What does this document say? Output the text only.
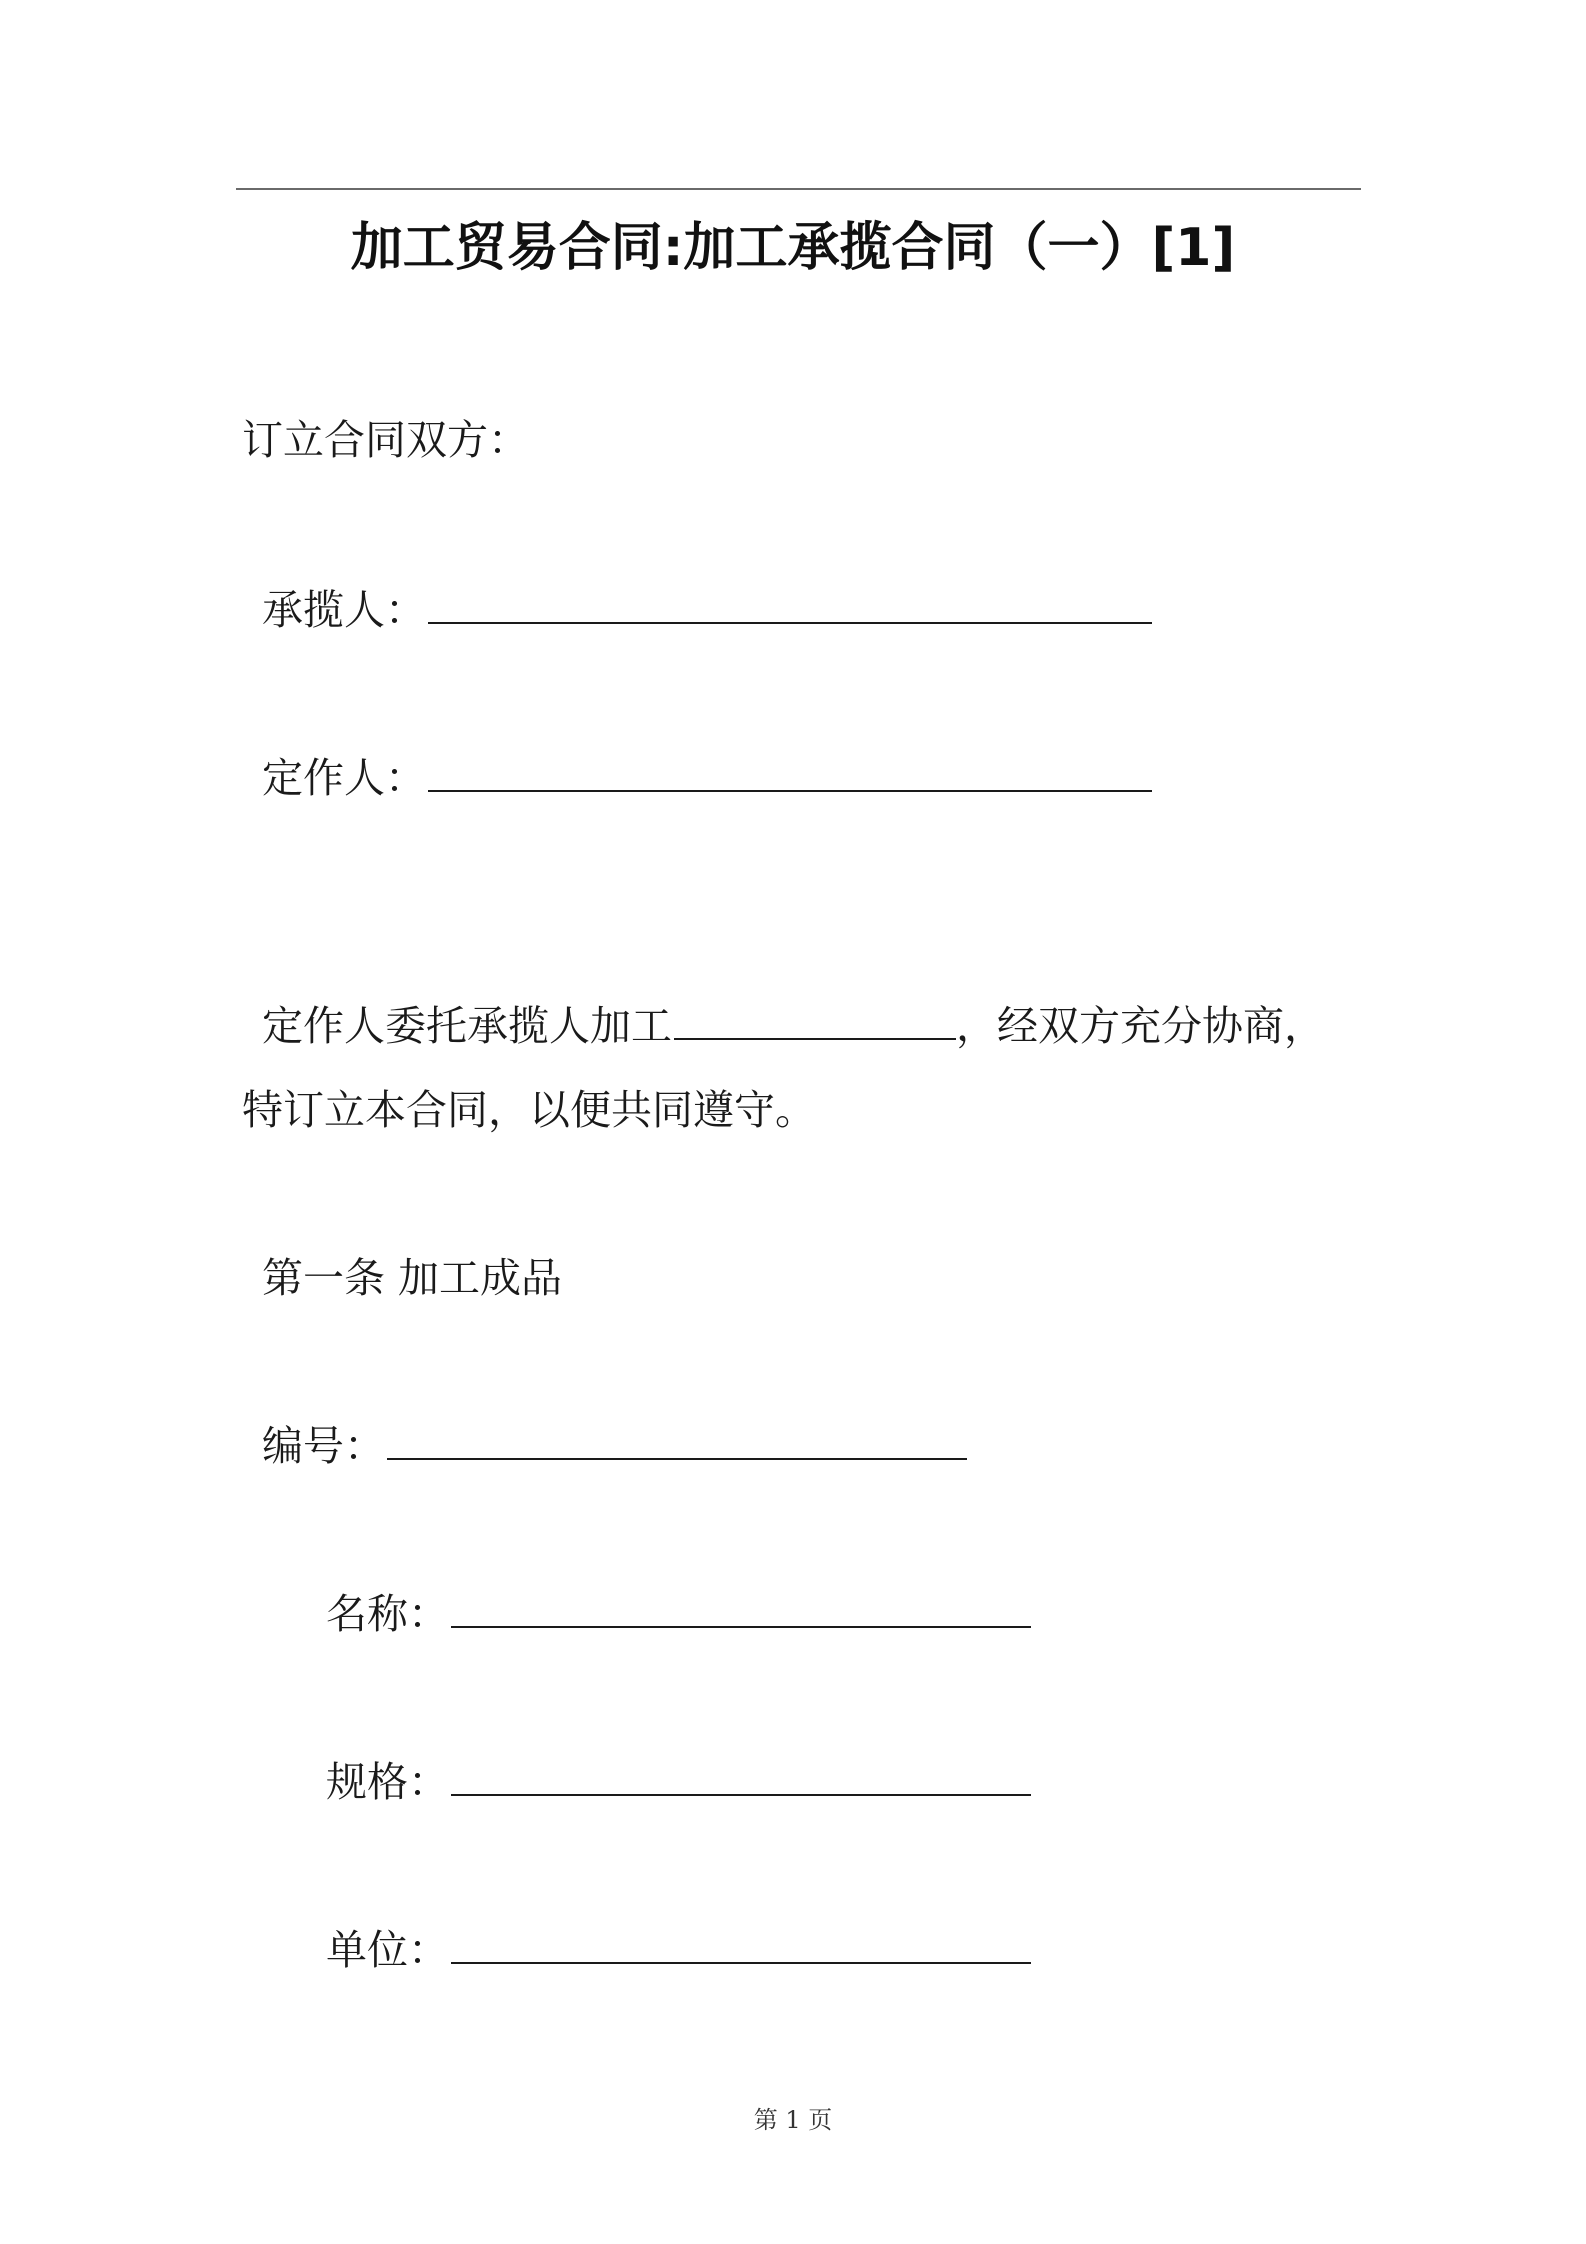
加工贸易合同:加工承揽合同（一）[1]
订立合同双方：
承揽人：
定作人：
定作人委托承揽人加工	，经双方充分协商，
特订立本合同，以便共同遵守。
第一条 加工成品
编号：
名称：
规格：
单位：
第 1 页
